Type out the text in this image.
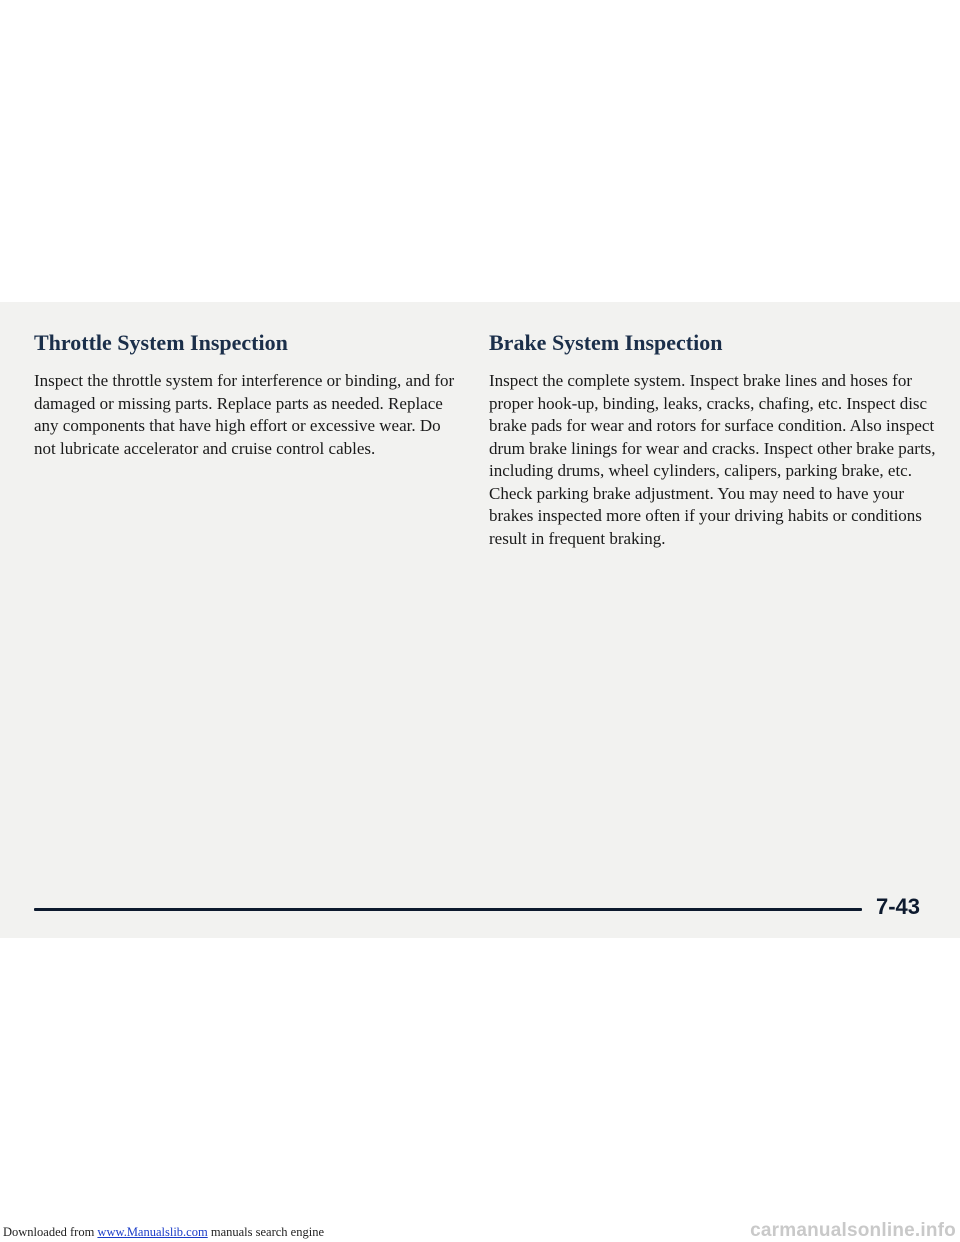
Throttle System Inspection

Inspect the throttle system for interference or binding, and for damaged or missing parts. Replace parts as needed. Replace any components that have high effort or excessive wear. Do not lubricate accelerator and cruise control cables.

Brake System Inspection

Inspect the complete system. Inspect brake lines and hoses for proper hook-up, binding, leaks, cracks, chafing, etc. Inspect disc brake pads for wear and rotors for surface condition. Also inspect drum brake linings for wear and cracks. Inspect other brake parts, including drums, wheel cylinders, calipers, parking brake, etc. Check parking brake adjustment. You may need to have your brakes inspected more often if your driving habits or conditions result in frequent braking.

7-43
Downloaded from www.Manualslib.com manuals search engine	carmanualsonline.info
